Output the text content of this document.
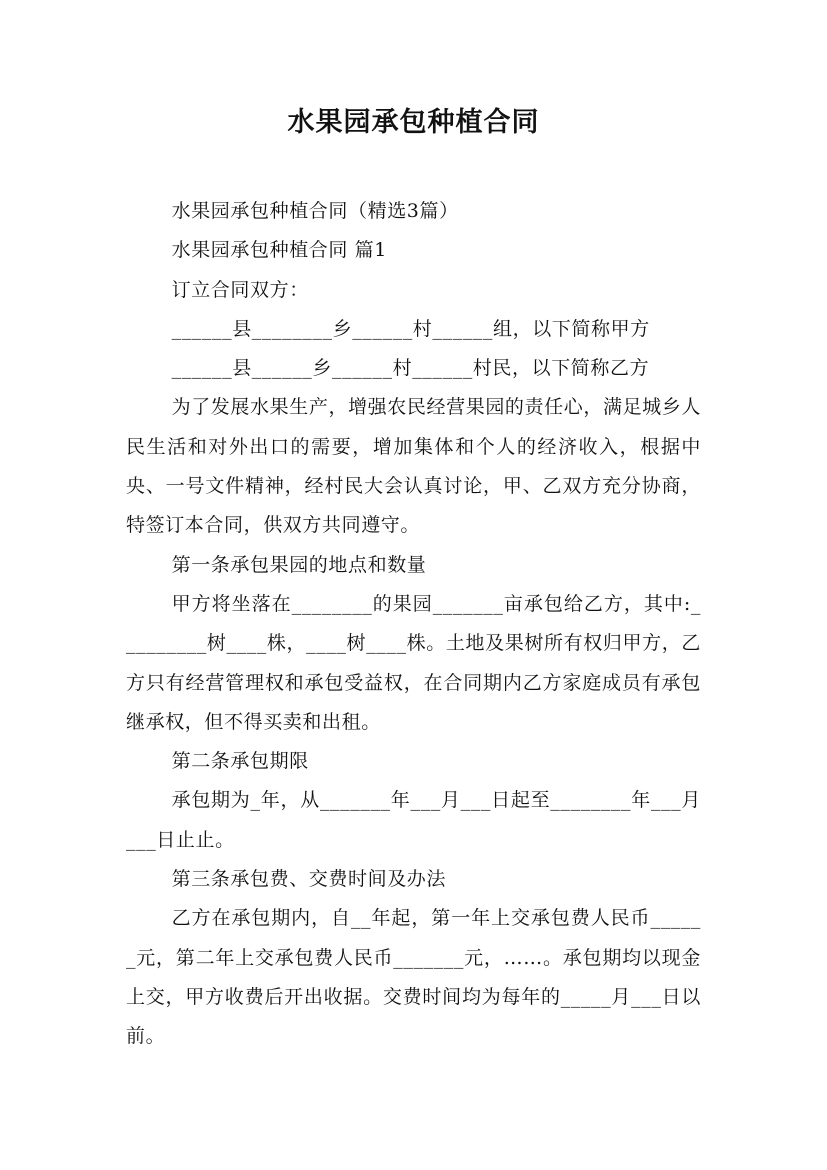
水果园承包种植合同

水果园承包种植合同（精选3篇）

水果园承包种植合同 篇1

订立合同双方：

______县________乡______村______组，以下简称甲方

______县______乡______村______村民，以下简称乙方

为了发展水果生产，增强农民经营果园的责任心，满足城乡人民生活和对外出口的需要，增加集体和个人的经济收入，根据中央、一号文件精神，经村民大会认真讨论，甲、乙双方充分协商，特签订本合同，供双方共同遵守。

第一条承包果园的地点和数量

甲方将坐落在________的果园_______亩承包给乙方，其中:_________树____株，____树____株。土地及果树所有权归甲方，乙方只有经营管理权和承包受益权，在合同期内乙方家庭成员有承包继承权，但不得买卖和出租。

第二条承包期限

承包期为_年，从_______年___月___日起至________年___月___日止止。

第三条承包费、交费时间及办法

乙方在承包期内，自__年起，第一年上交承包费人民币______元，第二年上交承包费人民币_______元，……。承包期均以现金上交，甲方收费后开出收据。交费时间均为每年的_____月___日以前。
